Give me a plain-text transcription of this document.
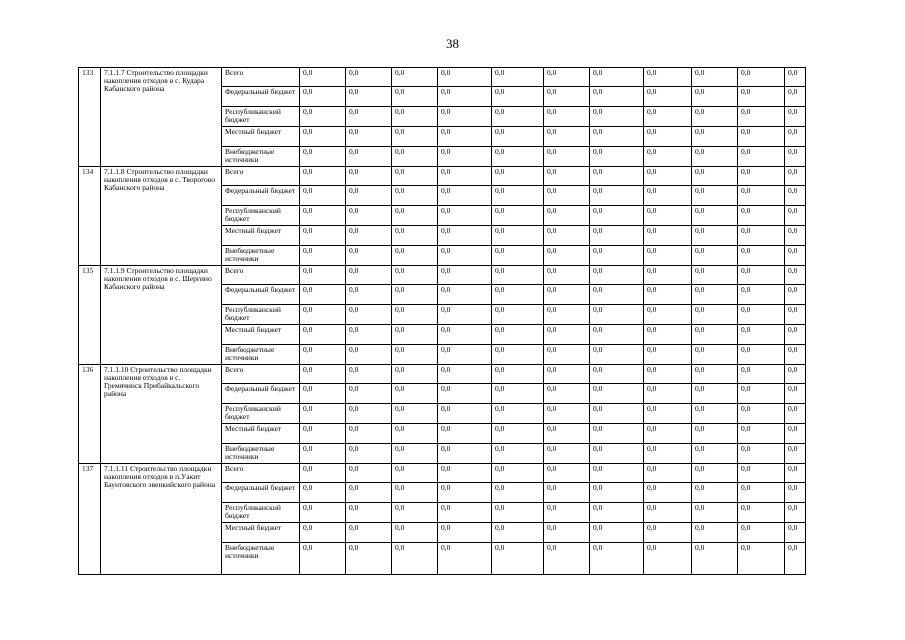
38
133	7.1.1.7 Строительство площадки накопления отходов в с. Кудара Кабанского района	Всего	0,0	0,0	0,0	0,0	0,0	0,0	0,0	0,0	0,0	0,0	0,0	
		Федеральный бюджет	0,0	0,0	0,0	0,0	0,0	0,0	0,0	0,0	0,0	0,0	0,0	
		Республиканский бюджет	0,0	0,0	0,0	0,0	0,0	0,0	0,0	0,0	0,0	0,0	0,0	
		Местный бюджет	0,0	0,0	0,0	0,0	0,0	0,0	0,0	0,0	0,0	0,0	0,0	
		Внебюджетные источники	0,0	0,0	0,0	0,0	0,0	0,0	0,0	0,0	0,0	0,0	0,0	
134	7.1.1.8 Строительство площадки накопления отходов в с. Творогово Кабанского района	Всего	0,0	0,0	0,0	0,0	0,0	0,0	0,0	0,0	0,0	0,0	0,0	
		Федеральный бюджет	0,0	0,0	0,0	0,0	0,0	0,0	0,0	0,0	0,0	0,0	0,0	
		Республиканский бюджет	0,0	0,0	0,0	0,0	0,0	0,0	0,0	0,0	0,0	0,0	0,0	
		Местный бюджет	0,0	0,0	0,0	0,0	0,0	0,0	0,0	0,0	0,0	0,0	0,0	
		Внебюджетные источники	0,0	0,0	0,0	0,0	0,0	0,0	0,0	0,0	0,0	0,0	0,0	
135	7.1.1.9 Строительство площадки накопления отходов в с. Шергино Кабанского района	Всего	0,0	0,0	0,0	0,0	0,0	0,0	0,0	0,0	0,0	0,0	0,0	
		Федеральный бюджет	0,0	0,0	0,0	0,0	0,0	0,0	0,0	0,0	0,0	0,0	0,0	
		Республиканский бюджет	0,0	0,0	0,0	0,0	0,0	0,0	0,0	0,0	0,0	0,0	0,0	
		Местный бюджет	0,0	0,0	0,0	0,0	0,0	0,0	0,0	0,0	0,0	0,0	0,0	
		Внебюджетные источники	0,0	0,0	0,0	0,0	0,0	0,0	0,0	0,0	0,0	0,0	0,0	
136	7.1.1.10 Строительство площадки накопления отходов в с. Гремячинск Прибайкальского района	Всего	0,0	0,0	0,0	0,0	0,0	0,0	0,0	0,0	0,0	0,0	0,0	
		Федеральный бюджет	0,0	0,0	0,0	0,0	0,0	0,0	0,0	0,0	0,0	0,0	0,0	
		Республиканский бюджет	0,0	0,0	0,0	0,0	0,0	0,0	0,0	0,0	0,0	0,0	0,0	
		Местный бюджет	0,0	0,0	0,0	0,0	0,0	0,0	0,0	0,0	0,0	0,0	0,0	
		Внебюджетные источники	0,0	0,0	0,0	0,0	0,0	0,0	0,0	0,0	0,0	0,0	0,0	
137	7.1.1.11 Строительство площадки накопления отходов в п.Уакит Баунтовского эвенкийского района	Всего	0,0	0,0	0,0	0,0	0,0	0,0	0,0	0,0	0,0	0,0	0,0	
		Федеральный бюджет	0,0	0,0	0,0	0,0	0,0	0,0	0,0	0,0	0,0	0,0	0,0	
		Республиканский бюджет	0,0	0,0	0,0	0,0	0,0	0,0	0,0	0,0	0,0	0,0	0,0	
		Местный бюджет	0,0	0,0	0,0	0,0	0,0	0,0	0,0	0,0	0,0	0,0	0,0	
		Внебюджетные источники	0,0	0,0	0,0	0,0	0,0	0,0	0,0	0,0	0,0	0,0	0,0	
